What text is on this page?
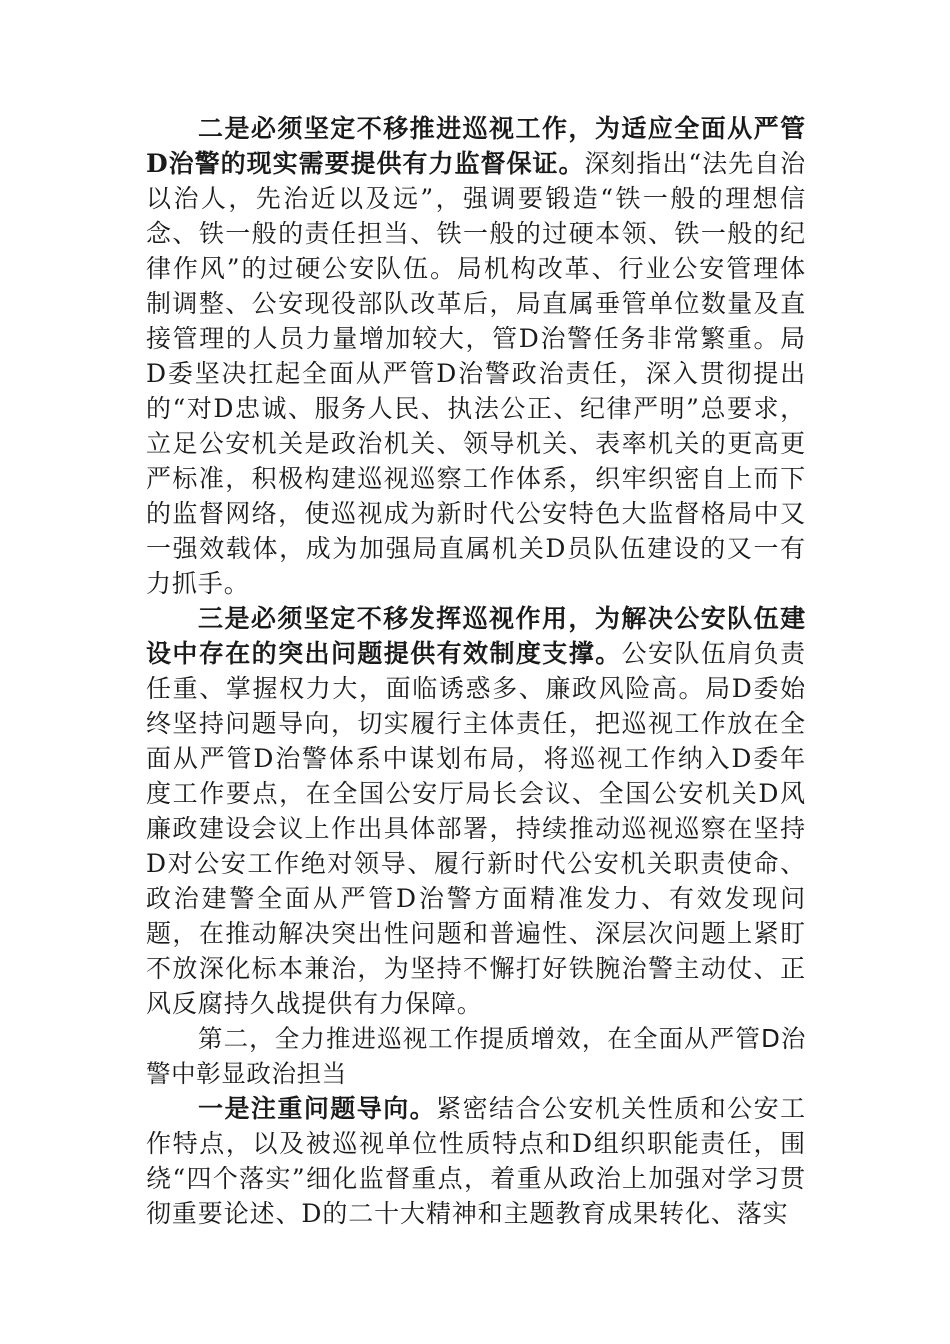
二是必须坚定不移推进巡视工作，为适应全面从严管D治警的现实需要提供有力监督保证。深刻指出“法先自治以治人，先治近以及远”，强调要锻造“铁一般的理想信念、铁一般的责任担当、铁一般的过硬本领、铁一般的纪律作风”的过硬公安队伍。局机构改革、行业公安管理体制调整、公安现役部队改革后，局直属垂管单位数量及直接管理的人员力量增加较大，管D治警任务非常繁重。局D委坚决扛起全面从严管D治警政治责任，深入贯彻提出的“对D忠诚、服务人民、执法公正、纪律严明”总要求，立足公安机关是政治机关、领导机关、表率机关的更高更严标准，积极构建巡视巡察工作体系，织牢织密自上而下的监督网络，使巡视成为新时代公安特色大监督格局中又一强效载体，成为加强局直属机关D员队伍建设的又一有力抓手。

三是必须坚定不移发挥巡视作用，为解决公安队伍建设中存在的突出问题提供有效制度支撑。公安队伍肩负责任重、掌握权力大，面临诱惑多、廉政风险高。局D委始终坚持问题导向，切实履行主体责任，把巡视工作放在全面从严管D治警体系中谋划布局，将巡视工作纳入D委年度工作要点，在全国公安厅局长会议、全国公安机关D风廉政建设会议上作出具体部署，持续推动巡视巡察在坚持D对公安工作绝对领导、履行新时代公安机关职责使命、政治建警全面从严管D治警方面精准发力、有效发现问题，在推动解决突出性问题和普遍性、深层次问题上紧盯不放深化标本兼治，为坚持不懈打好铁腕治警主动仗、正风反腐持久战提供有力保障。

第二，全力推进巡视工作提质增效，在全面从严管D治警中彰显政治担当

一是注重问题导向。紧密结合公安机关性质和公安工作特点，以及被巡视单位性质特点和D组织职能责任，围绕“四个落实”细化监督重点，着重从政治上加强对学习贯彻重要论述、D的二十大精神和主题教育成果转化、落实
